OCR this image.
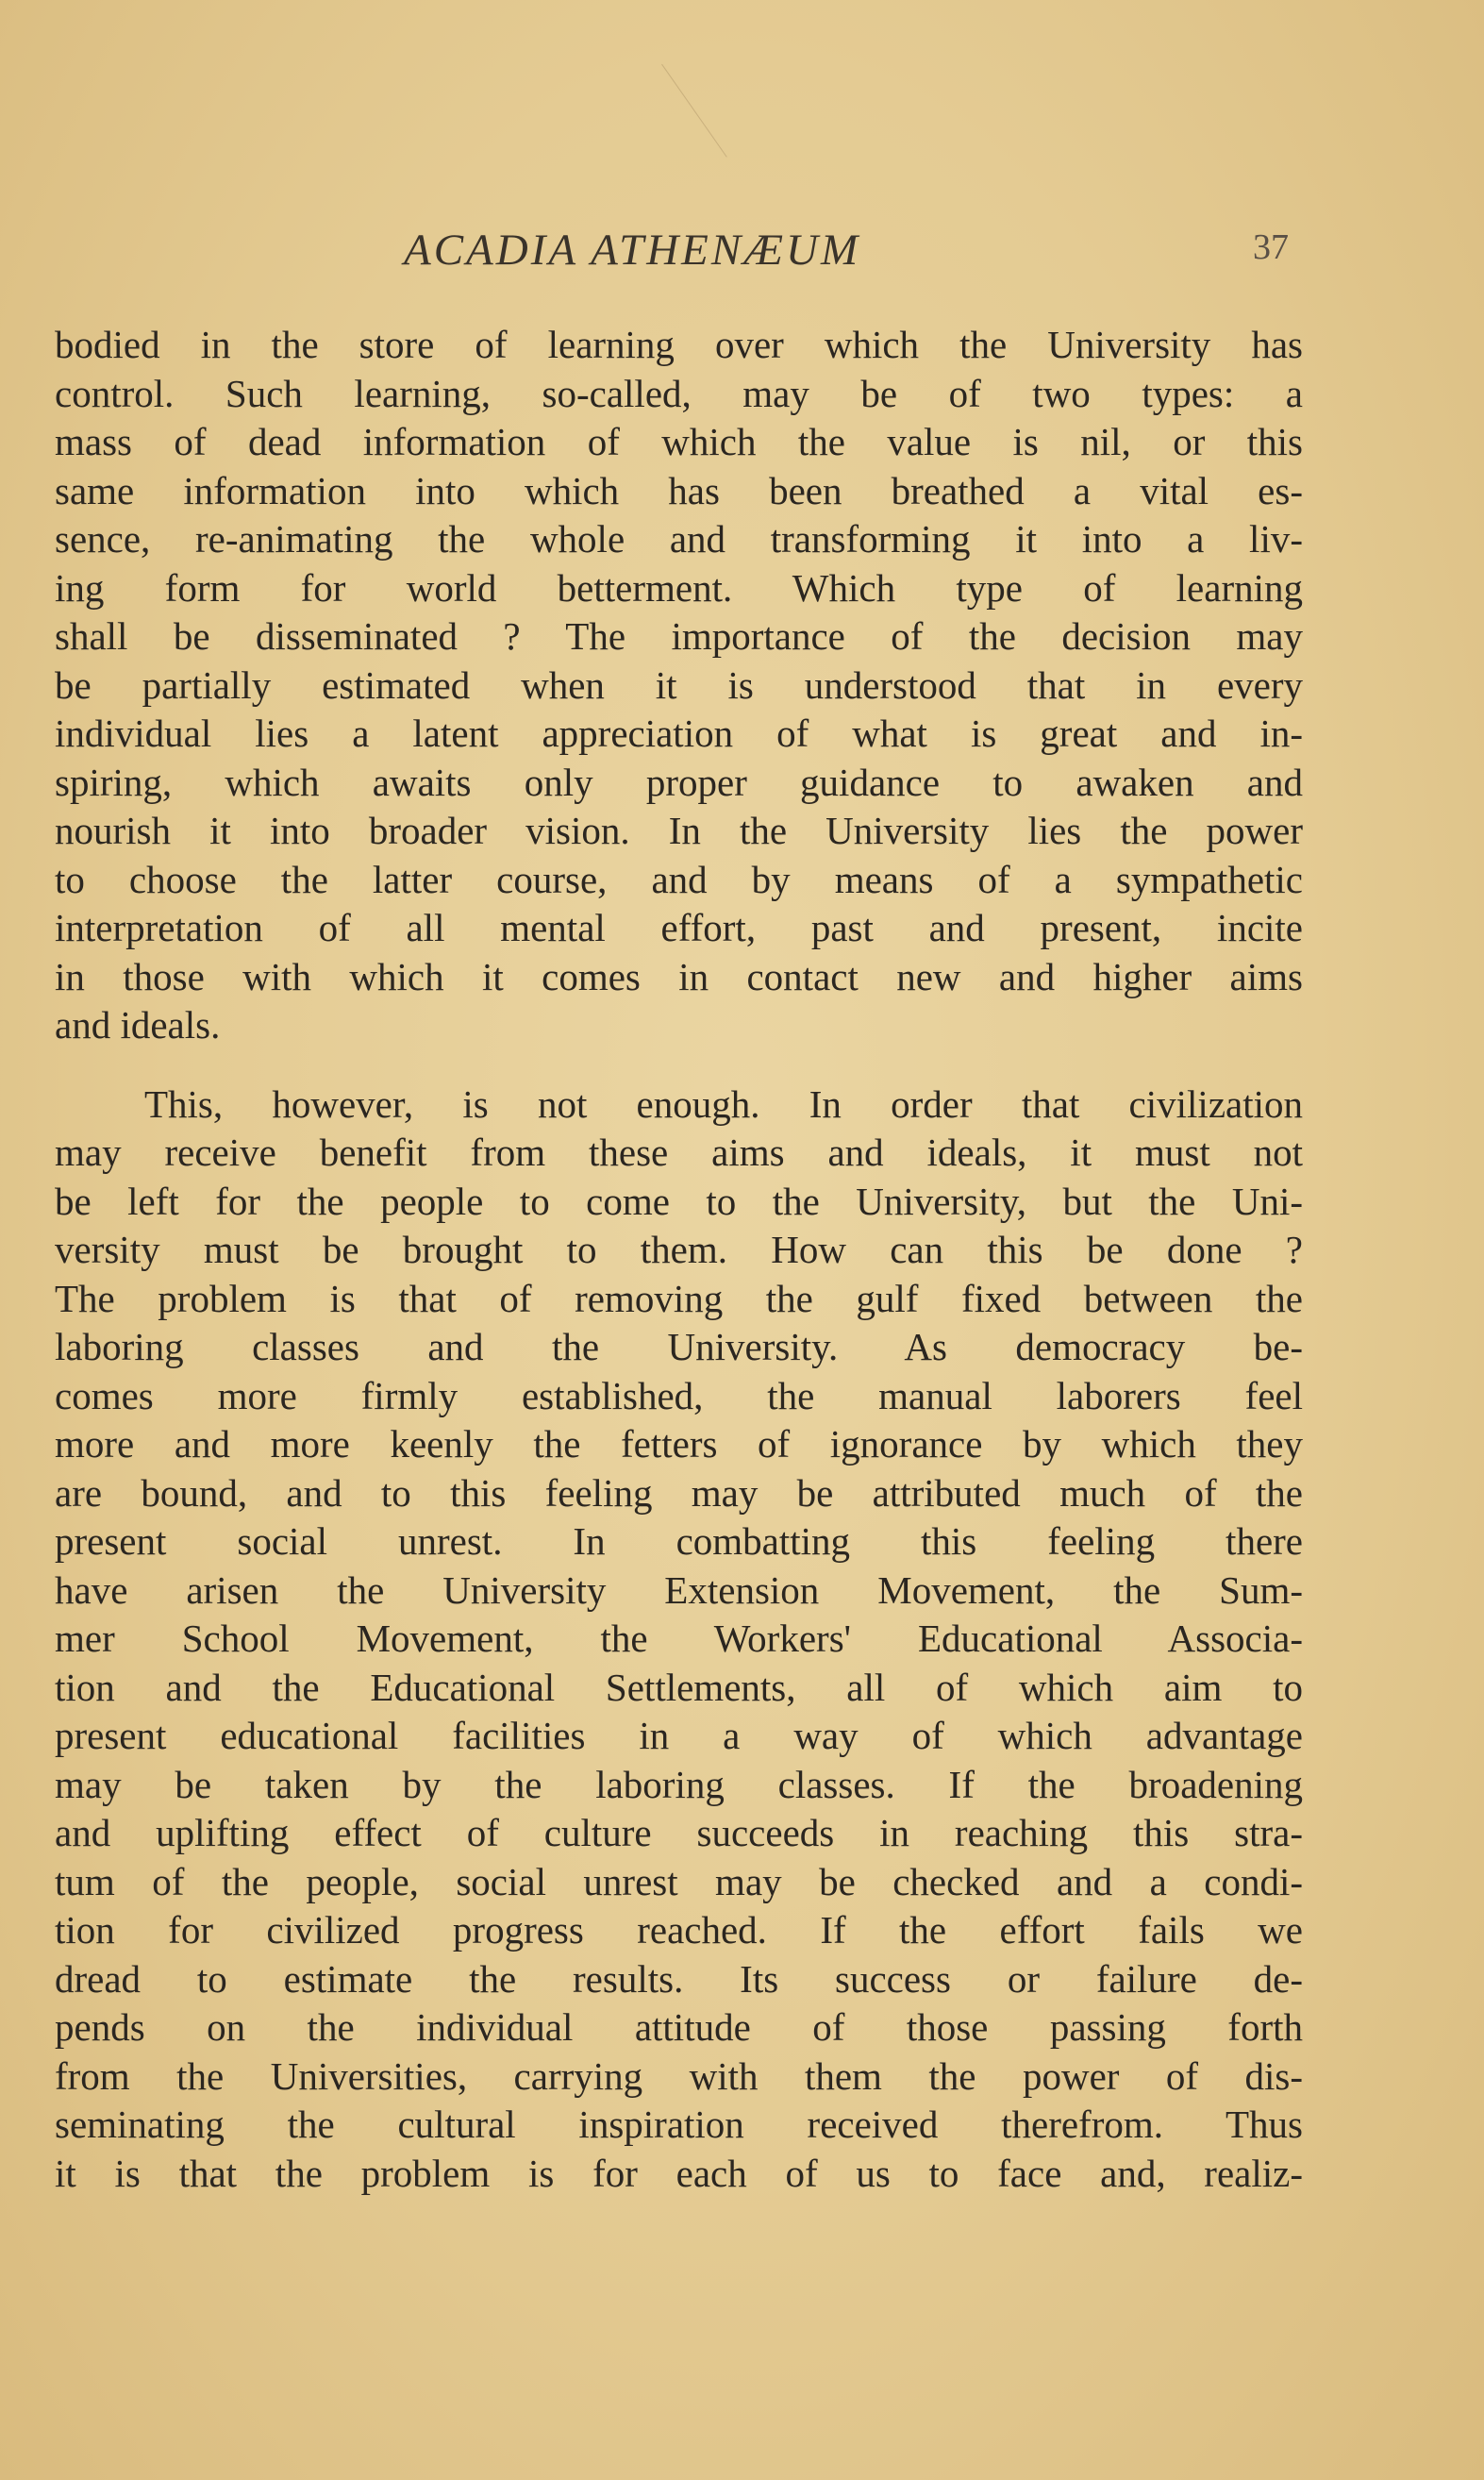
ACADIA ATHENÆUM	37
bodied in the store of learning over which the University has
control. Such learning, so-called, may be of two types: a
mass of dead information of which the value is nil, or this
same information into which has been breathed a vital es-
sence, re-animating the whole and transforming it into a liv-
ing form for world betterment. Which type of learning
shall be disseminated ? The importance of the decision may
be partially estimated when it is understood that in every
individual lies a latent appreciation of what is great and in-
spiring, which awaits only proper guidance to awaken and
nourish it into broader vision. In the University lies the power
to choose the latter course, and by means of a sympathetic
interpretation of all mental effort, past and present, incite
in those with which it comes in contact new and higher aims
and ideals.
This, however, is not enough. In order that civilization
may receive benefit from these aims and ideals, it must not
be left for the people to come to the University, but the Uni-
versity must be brought to them. How can this be done ?
The problem is that of removing the gulf fixed between the
laboring classes and the University. As democracy be-
comes more firmly established, the manual laborers feel
more and more keenly the fetters of ignorance by which they
are bound, and to this feeling may be attributed much of the
present social unrest. In combatting this feeling there
have arisen the University Extension Movement, the Sum-
mer School Movement, the Workers' Educational Associa-
tion and the Educational Settlements, all of which aim to
present educational facilities in a way of which advantage
may be taken by the laboring classes. If the broadening
and uplifting effect of culture succeeds in reaching this stra-
tum of the people, social unrest may be checked and a condi-
tion for civilized progress reached. If the effort fails we
dread to estimate the results. Its success or failure de-
pends on the individual attitude of those passing forth
from the Universities, carrying with them the power of dis-
seminating the cultural inspiration received therefrom. Thus
it is that the problem is for each of us to face and, realiz-
